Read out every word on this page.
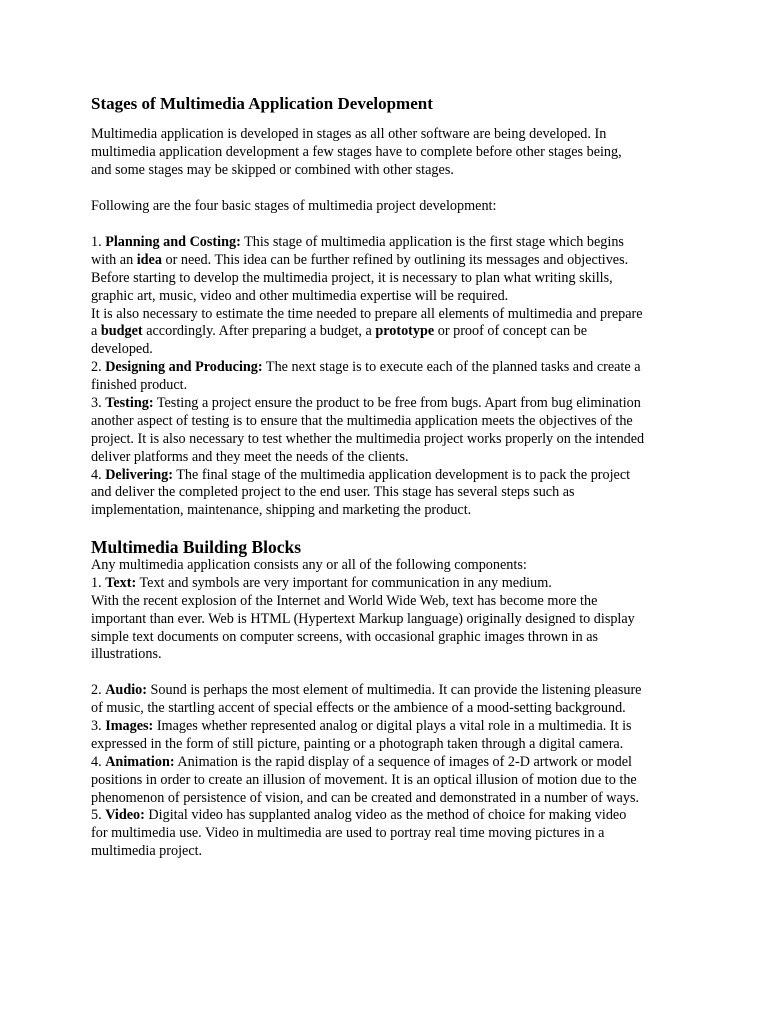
Stages of Multimedia Application Development
Multimedia application is developed in stages as all other software are being developed. In
multimedia application development a few stages have to complete before other stages being,
and some stages may be skipped or combined with other stages.
Following are the four basic stages of multimedia project development:
1. Planning and Costing: This stage of multimedia application is the first stage which begins
with an idea or need. This idea can be further refined by outlining its messages and objectives.
Before starting to develop the multimedia project, it is necessary to plan what writing skills,
graphic art, music, video and other multimedia expertise will be required.
It is also necessary to estimate the time needed to prepare all elements of multimedia and prepare
a budget accordingly. After preparing a budget, a prototype or proof of concept can be
developed.
2. Designing and Producing: The next stage is to execute each of the planned tasks and create a
finished product.
3. Testing: Testing a project ensure the product to be free from bugs. Apart from bug elimination
another aspect of testing is to ensure that the multimedia application meets the objectives of the
project. It is also necessary to test whether the multimedia project works properly on the intended
deliver platforms and they meet the needs of the clients.
4. Delivering: The final stage of the multimedia application development is to pack the project
and deliver the completed project to the end user. This stage has several steps such as
implementation, maintenance, shipping and marketing the product.
Multimedia Building Blocks
Any multimedia application consists any or all of the following components:
1. Text: Text and symbols are very important for communication in any medium.
With the recent explosion of the Internet and World Wide Web, text has become more the
important than ever. Web is HTML (Hypertext Markup language) originally designed to display
simple text documents on computer screens, with occasional graphic images thrown in as
illustrations.
2. Audio: Sound is perhaps the most element of multimedia. It can provide the listening pleasure
of music, the startling accent of special effects or the ambience of a mood-setting background.
3. Images: Images whether represented analog or digital plays a vital role in a multimedia. It is
expressed in the form of still picture, painting or a photograph taken through a digital camera.
4. Animation: Animation is the rapid display of a sequence of images of 2-D artwork or model
positions in order to create an illusion of movement. It is an optical illusion of motion due to the
phenomenon of persistence of vision, and can be created and demonstrated in a number of ways.
5. Video: Digital video has supplanted analog video as the method of choice for making video
for multimedia use. Video in multimedia are used to portray real time moving pictures in a
multimedia project.
